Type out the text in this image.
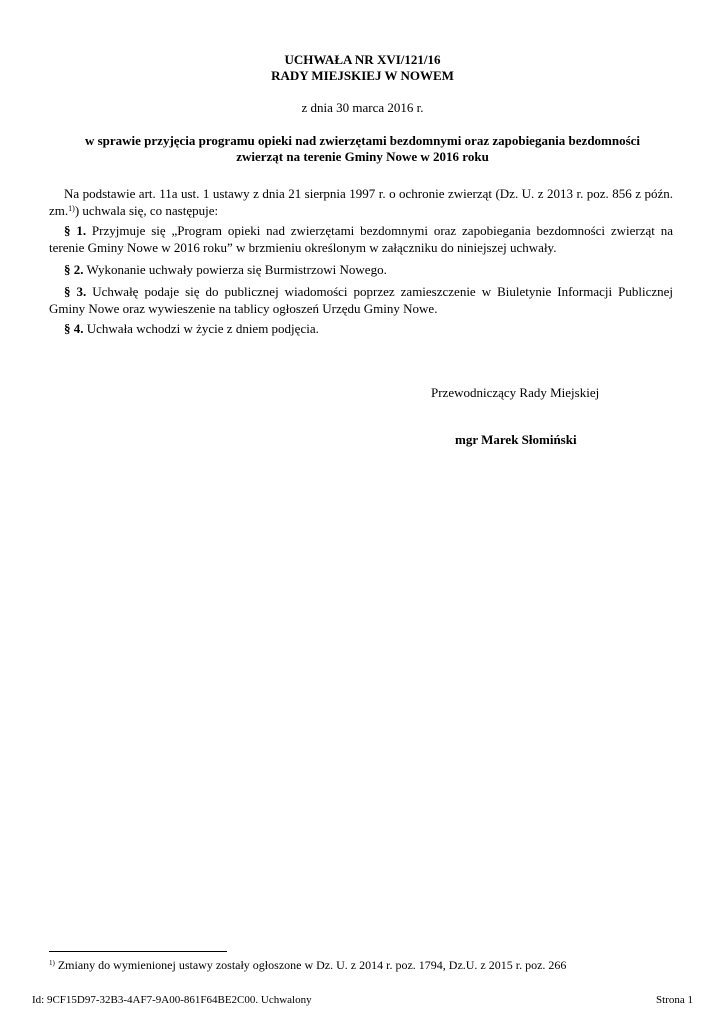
UCHWAŁA NR XVI/121/16
RADY MIEJSKIEJ W NOWEM
z dnia 30 marca 2016 r.
w sprawie przyjęcia programu opieki nad zwierzętami bezdomnymi oraz zapobiegania bezdomności zwierząt na terenie Gminy Nowe w 2016 roku
Na podstawie art. 11a ust. 1 ustawy z dnia 21 sierpnia 1997 r. o ochronie zwierząt (Dz. U. z 2013 r. poz. 856 z późn. zm.$^{1)}$) uchwala się, co następuje:
§ 1. Przyjmuje się „Program opieki nad zwierzętami bezdomnymi oraz zapobiegania bezdomności zwierząt na terenie Gminy Nowe w 2016 roku” w brzmieniu określonym w załączniku do niniejszej uchwały.
§ 2. Wykonanie uchwały powierza się Burmistrzowi Nowego.
§ 3. Uchwałę podaje się do publicznej wiadomości poprzez zamieszczenie w Biuletynie Informacji Publicznej Gminy Nowe oraz wywieszenie na tablicy ogłoszeń Urzędu Gminy Nowe.
§ 4. Uchwała wchodzi w życie z dniem podjęcia.
Przewodniczący Rady Miejskiej
mgr Marek Słomiński
$^{1)}$ Zmiany do wymienionej ustawy zostały ogłoszone w Dz. U. z 2014 r. poz. 1794, Dz.U. z 2015 r. poz. 266
Id: 9CF15D97-32B3-4AF7-9A00-861F64BE2C00. Uchwalony	Strona 1
